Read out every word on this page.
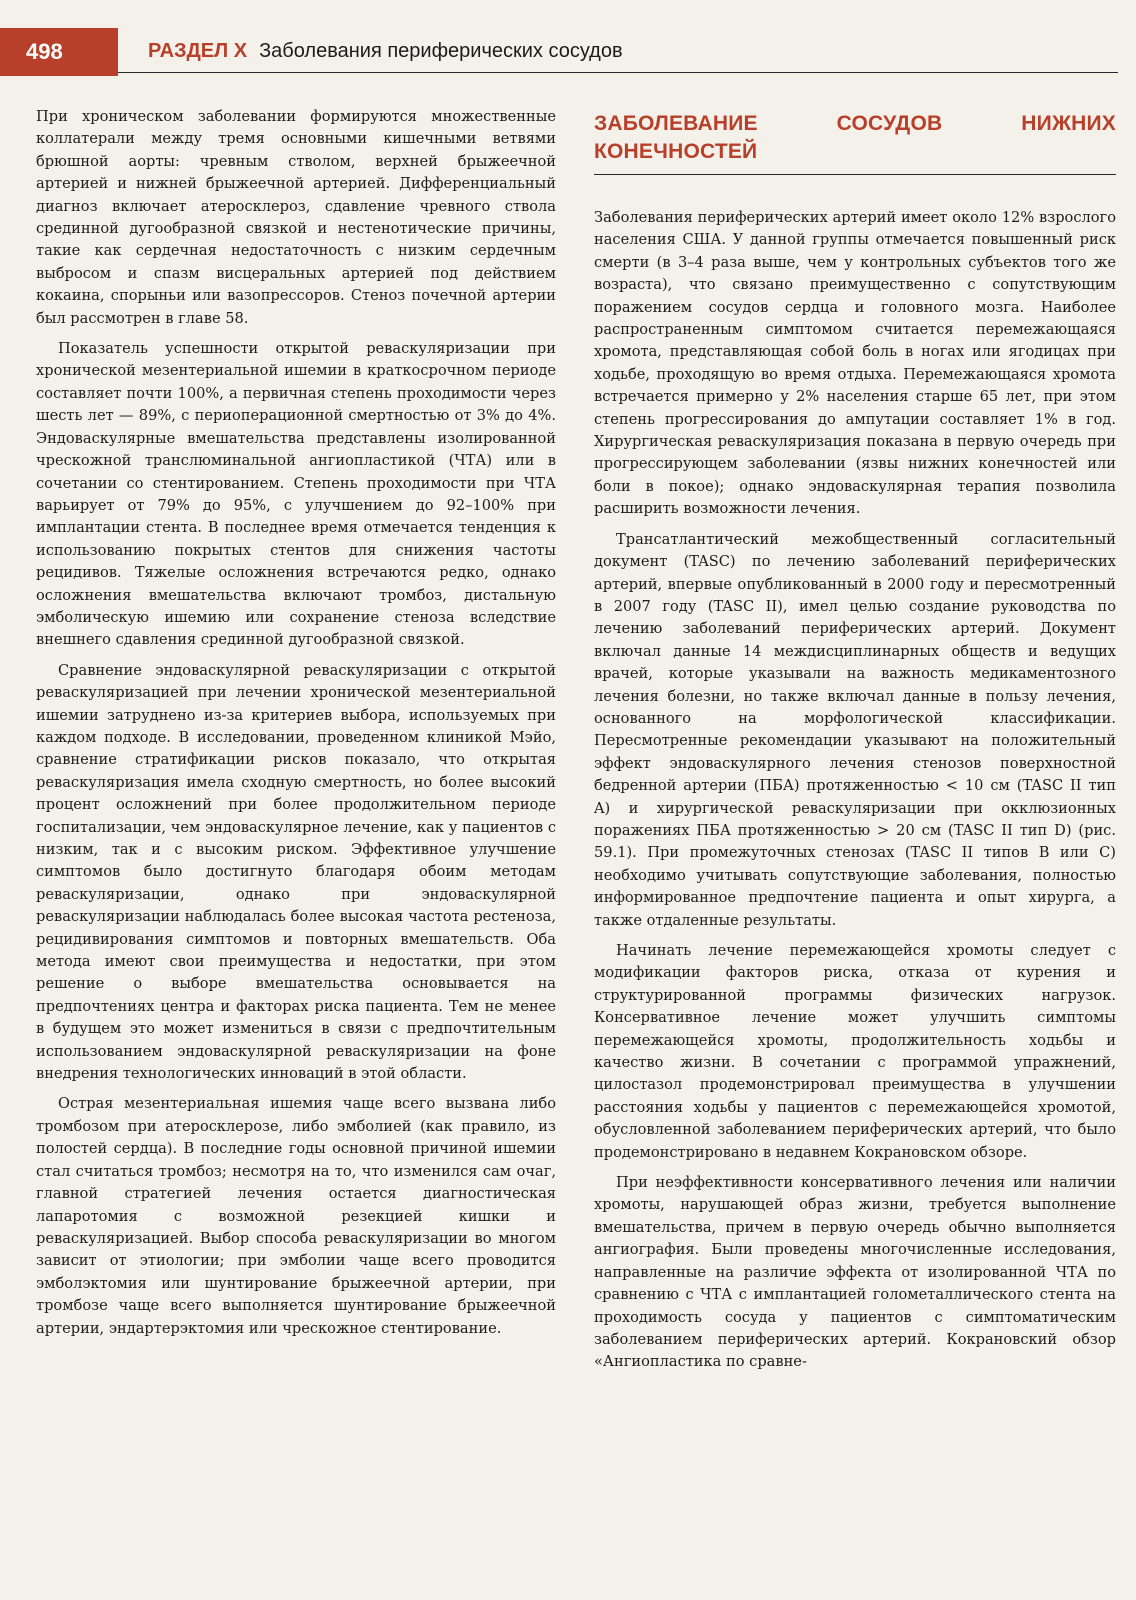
498	РАЗДЕЛ X Заболевания периферических сосудов

При хроническом заболевании формируются множественные коллатерали между тремя основными кишечными ветвями брюшной аорты: чревным стволом, верхней брыжеечной артерией и нижней брыжеечной артерией. Дифференциальный диагноз включает атеросклероз, сдавление чревного ствола срединной дугообразной связкой и нестенотические причины, такие как сердечная недостаточность с низким сердечным выбросом и спазм висцеральных артерией под действием кокаина, спорыньи или вазопрессоров. Стеноз почечной артерии был рассмотрен в главе 58.

Показатель успешности открытой реваскуляризации при хронической мезентериальной ишемии в краткосрочном периоде составляет почти 100%, а первичная степень проходимости через шесть лет — 89%, с периоперационной смертностью от 3% до 4%. Эндоваскулярные вмешательства представлены изолированной чрескожной транслюминальной ангиопластикой (ЧТА) или в сочетании со стентированием. Степень проходимости при ЧТА варьирует от 79% до 95%, с улучшением до 92–100% при имплантации стента. В последнее время отмечается тенденция к использованию покрытых стентов для снижения частоты рецидивов. Тяжелые осложнения встречаются редко, однако осложнения вмешательства включают тромбоз, дистальную эмболическую ишемию или сохранение стеноза вследствие внешнего сдавления срединной дугообразной связкой.

Сравнение эндоваскулярной реваскуляризации с открытой реваскуляризацией при лечении хронической мезентериальной ишемии затруднено из-за критериев выбора, используемых при каждом подходе. В исследовании, проведенном клиникой Мэйо, сравнение стратификации рисков показало, что открытая реваскуляризация имела сходную смертность, но более высокий процент осложнений при более продолжительном периоде госпитализации, чем эндоваскулярное лечение, как у пациентов с низким, так и с высоким риском. Эффективное улучшение симптомов было достигнуто благодаря обоим методам реваскуляризации, однако при эндоваскулярной реваскуляризации наблюдалась более высокая частота рестеноза, рецидивирования симптомов и повторных вмешательств. Оба метода имеют свои преимущества и недостатки, при этом решение о выборе вмешательства основывается на предпочтениях центра и факторах риска пациента. Тем не менее в будущем это может измениться в связи с предпочтительным использованием эндоваскулярной реваскуляризации на фоне внедрения технологических инноваций в этой области.

Острая мезентериальная ишемия чаще всего вызвана либо тромбозом при атеросклерозе, либо эмболией (как правило, из полостей сердца). В последние годы основной причиной ишемии стал считаться тромбоз; несмотря на то, что изменился сам очаг, главной стратегией лечения остается диагностическая лапаротомия с возможной резекцией кишки и реваскуляризацией. Выбор способа реваскуляризации во многом зависит от этиологии; при эмболии чаще всего проводится эмболэктомия или шунтирование брыжеечной артерии, при тромбозе чаще всего выполняется шунтирование брыжеечной артерии, эндартерэктомия или чрескожное стентирование.

ЗАБОЛЕВАНИЕ СОСУДОВ НИЖНИХ КОНЕЧНОСТЕЙ

Заболевания периферических артерий имеет около 12% взрослого населения США. У данной группы отмечается повышенный риск смерти (в 3–4 раза выше, чем у контрольных субъектов того же возраста), что связано преимущественно с сопутствующим поражением сосудов сердца и головного мозга. Наиболее распространенным симптомом считается перемежающаяся хромота, представляющая собой боль в ногах или ягодицах при ходьбе, проходящую во время отдыха. Перемежающаяся хромота встречается примерно у 2% населения старше 65 лет, при этом степень прогрессирования до ампутации составляет 1% в год. Хирургическая реваскуляризация показана в первую очередь при прогрессирующем заболевании (язвы нижних конечностей или боли в покое); однако эндоваскулярная терапия позволила расширить возможности лечения.

Трансатлантический межобщественный согласительный документ (TASC) по лечению заболеваний периферических артерий, впервые опубликованный в 2000 году и пересмотренный в 2007 году (TASC II), имел целью создание руководства по лечению заболеваний периферических артерий. Документ включал данные 14 междисциплинарных обществ и ведущих врачей, которые указывали на важность медикаментозного лечения болезни, но также включал данные в пользу лечения, основанного на морфологической классификации. Пересмотренные рекомендации указывают на положительный эффект эндоваскулярного лечения стенозов поверхностной бедренной артерии (ПБА) протяженностью < 10 см (TASC II тип A) и хирургической реваскуляризации при окклюзионных поражениях ПБА протяженностью > 20 см (TASC II тип D) (рис. 59.1). При промежуточных стенозах (TASC II типов B или C) необходимо учитывать сопутствующие заболевания, полностью информированное предпочтение пациента и опыт хирурга, а также отдаленные результаты.

Начинать лечение перемежающейся хромоты следует с модификации факторов риска, отказа от курения и структурированной программы физических нагрузок. Консервативное лечение может улучшить симптомы перемежающейся хромоты, продолжительность ходьбы и качество жизни. В сочетании с программой упражнений, цилостазол продемонстрировал преимущества в улучшении расстояния ходьбы у пациентов с перемежающейся хромотой, обусловленной заболеванием периферических артерий, что было продемонстрировано в недавнем Кокрановском обзоре.

При неэффективности консервативного лечения или наличии хромоты, нарушающей образ жизни, требуется выполнение вмешательства, причем в первую очередь обычно выполняется ангиография. Были проведены многочисленные исследования, направленные на различие эффекта от изолированной ЧТА по сравнению с ЧТА с имплантацией голометаллического стента на проходимость сосуда у пациентов с симптоматическим заболеванием периферических артерий. Кокрановский обзор «Ангиопластика по сравне-
